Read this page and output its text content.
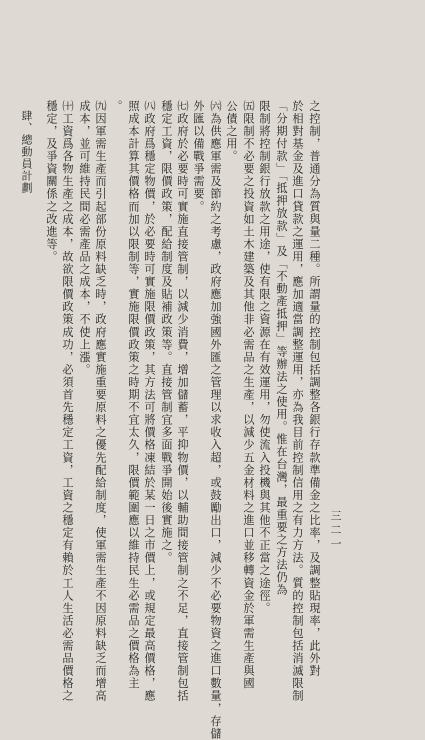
之控制，普通分為質與量二種。所謂量的控制包括調整各銀行存款準備金之比率，及調整貼現率，此外對
於相對基金及進口貸款之運用，應加適當調整運用，亦為我目前控制信用之有力方法。質的控制包括消滅限制
「分期付款」「抵押放款」及「不動產抵押」等辦法之使用。惟在台灣，最重要之方法仍為
限制將控制銀行放款之用途，使有限之資源在有效運用，勿使流入投機與其他不正當之途徑。
㈤限制不必要之投資如土木建築及其他非必需品之生產，以減少五金材料之進口並移轉資金於軍需生產與國
公債之用。
㈥為供應軍需及節約之考慮，政府應加強國外匯之管理以求收入超，或鼓勵出口，減少不必要物資之進口數量，存儲
外匯以備戰爭需要。
㈦政府於必要時可實施直接管制，以減少消費，增加儲蓄，平抑物價，以輔助間接管制之不足，直接管制包括
穩定工資，限價政策，配給制度及貼補政策等。直接管制宜多面戰爭開始後實施之。
㈧政府爲穩定物價，於必要時可實施限價政策，其方法可將價格凍結於某一日之市價上，或規定最高價格，應
照成本計算其價格而加以限制等，實施限價政策之時期不宜太久，限價範圍應以維持民生必需品之價格為主
。
㈨因軍需生產而引起部份原料缺乏時，政府應實施重要原料之優先配給制度，使軍需生產不因原料缺乏而增高
成本，並可維持民間必需產品之成本，不使上漲。
㈩工資爲各物生產之成本，故欲限價政策成功，必須首先穩定工資，工資之穩定有賴於工人生活必需品價格之
穩定，及爭資關係之改進等。
三二一
肆、總動員計劃
